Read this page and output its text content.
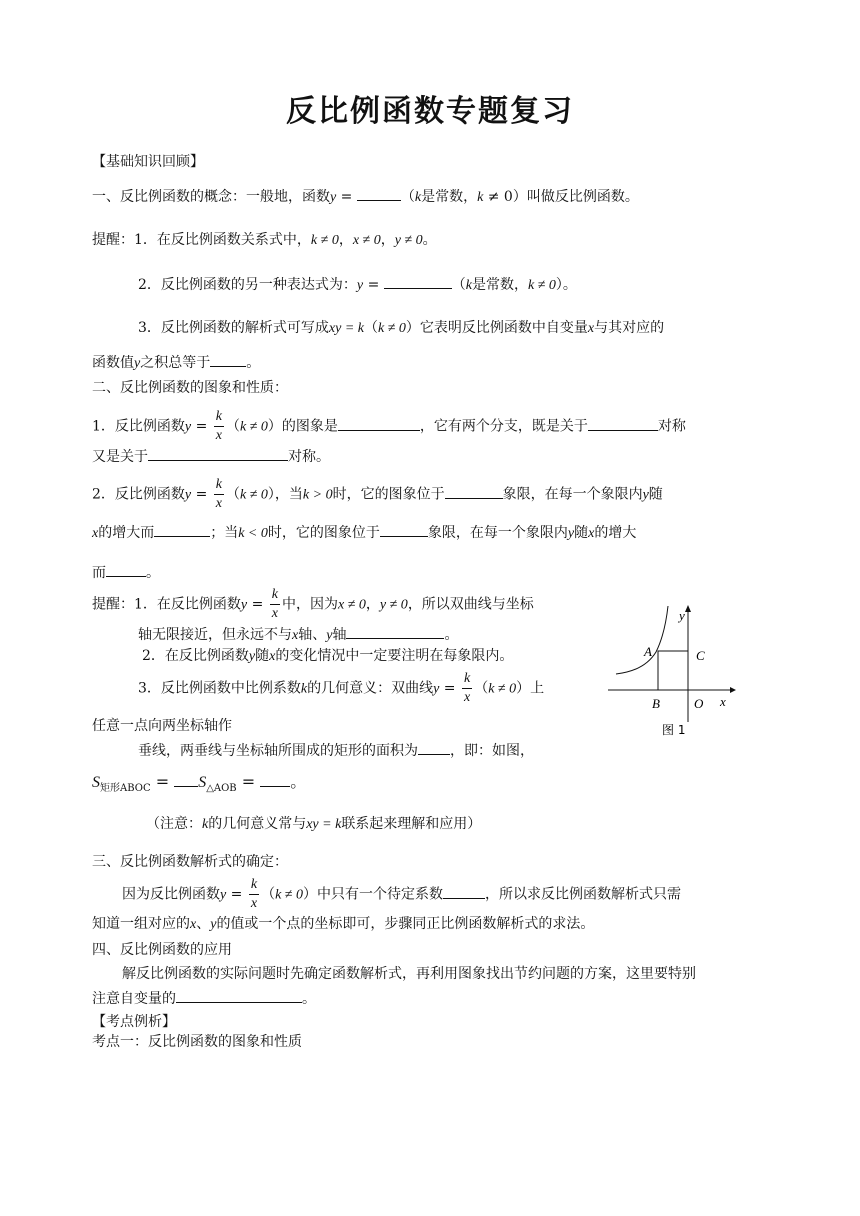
反比例函数专题复习
【基础知识回顾】
一、反比例函数的概念：一般地，函数y =	（k是常数，k ≠ 0）叫做反比例函数。
提醒：1．在反比例函数关系式中，k ≠ 0，x ≠ 0，y ≠ 0。
2．反比例函数的另一种表达式为：y =	（k是常数，k ≠ 0）。
3．反比例函数的解析式可写成xy = k（k ≠ 0）它表明反比例函数中自变量x与其对应的
函数值y之积总等于	。
二、反比例函数的图象和性质：
1．反比例函数$y = \frac{k}{x} (k \ne 0)$的图象是	，它有两个分支，既是关于	对称
又是关于	对称。
2．反比例函数$y = \frac{k}{x} (k \ne 0)$，当k > 0时，它的图象位于	象限，在每一个象限内y随
x的增大而	；当k < 0时，它的图象位于	象限，在每一个象限内y随x的增大
而	。
提醒：1．在反比例函数$y = \frac{k}{x}$ 中，因为x ≠ 0，y ≠ 0，所以双曲线与坐标
轴无限接近，但永远不与x轴、y轴	。
2．在反比例函数y随x的变化情况中一定要注明在每象限内。
3．反比例函数中比例系数k的几何意义：双曲线$y = \frac{k}{x} (k \ne 0)$上
任意一点向两坐标轴作
垂线，两垂线与坐标轴所围成的矩形的面积为 ，即：如图，
$S_{矩形ABOC} = S_{\triangle AOB}$ = 。
（注意：k的几何意义常与xy = k联系起来理解和应用）
三、反比例函数解析式的确定：
因为反比例函数$y = \frac{k}{x} (k \ne 0)$中只有一个待定系数	，所以求反比例函数解析式只需
知道一组对应的x、y的值或一个点的坐标即可，步骤同正比例函数解析式的求法。
四、反比例函数的应用
解反比例函数的实际问题时先确定函数解析式，再利用图象找出节约问题的方案，这里要特别
注意自变量的	。
【考点例析】
考点一：反比例函数的图象和性质
y
x
A	C
B	O
图 1
